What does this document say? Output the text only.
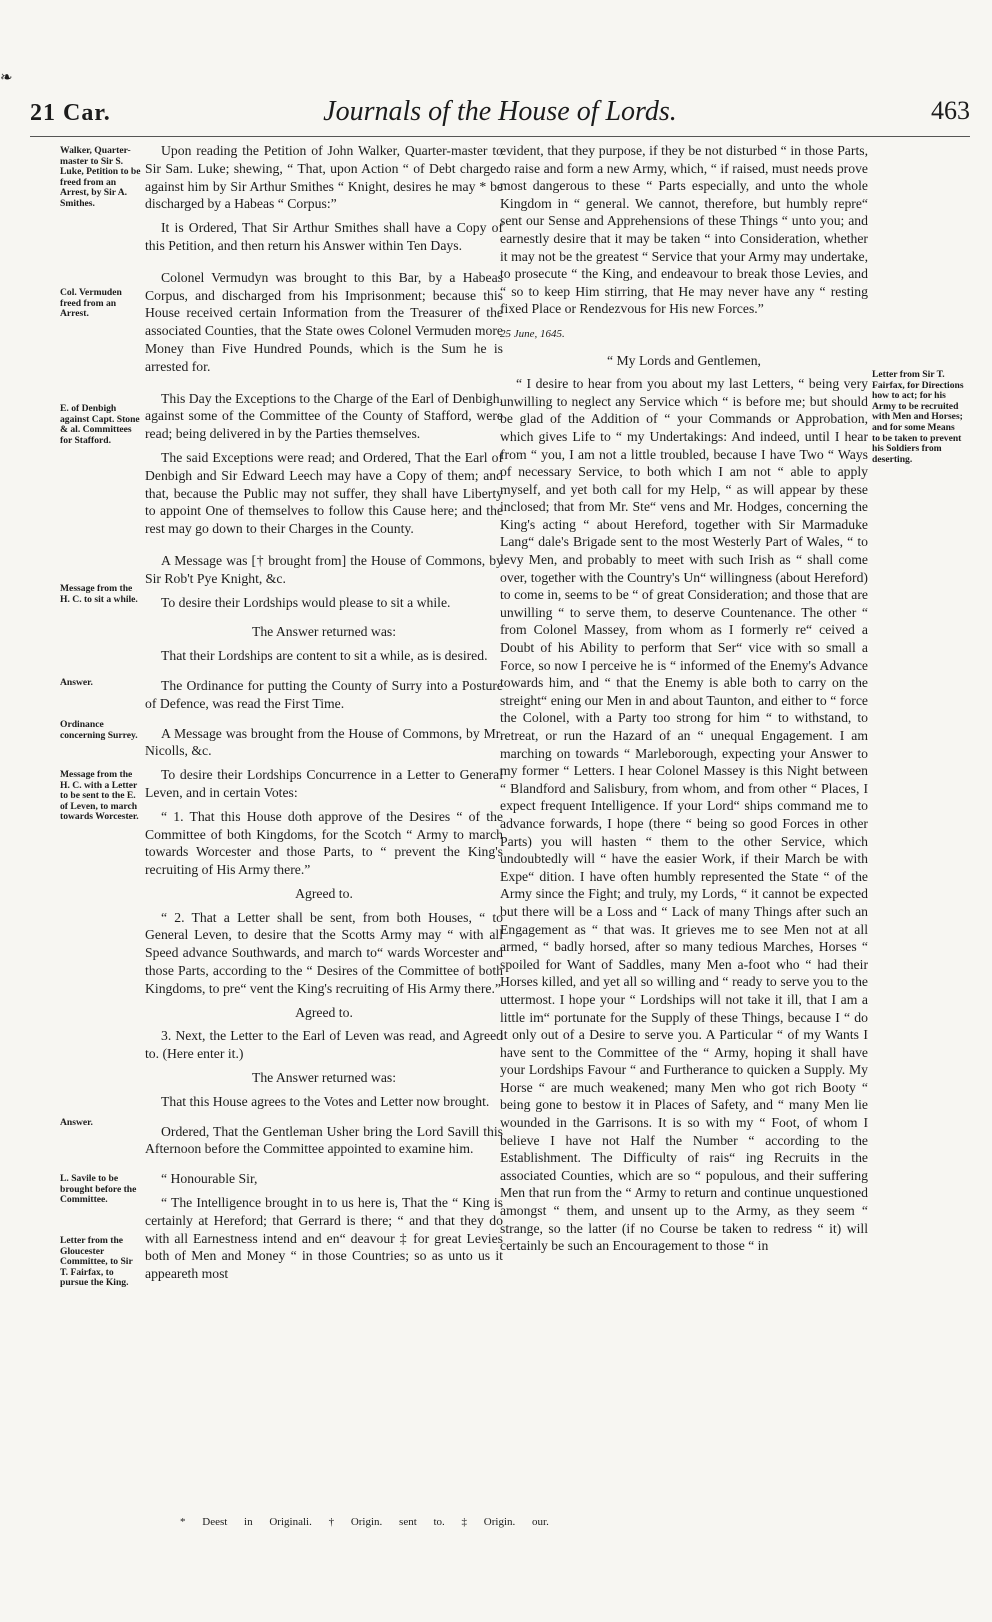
❧
21 Car.	Journals of the House of Lords.	463
Walker, Quarter-master to Sir S. Luke, Petition to be freed from an Arrest, by Sir A. Smithes.
Col. Vermuden freed from an Arrest.
E. of Denbigh against Capt. Stone & al. Committees for Stafford.
Message from the H. C. to sit a while.
Answer.
Ordinance concerning Surrey.
Message from the H. C. with a Letter to be sent to the E. of Leven, to march towards Worcester.
Answer.
L. Savile to be brought before the Committee.
Letter from the Gloucester Committee, to Sir T. Fairfax, to pursue the King.

Upon reading the Petition of John Walker, Quarter-master to Sir Sam. Luke; shewing, “ That, upon Action “ of Debt charged against him by Sir Arthur Smithes “ Knight, desires he may * be discharged by a Habeas “ Corpus:”

It is Ordered, That Sir Arthur Smithes shall have a Copy of this Petition, and then return his Answer within Ten Days.

Colonel Vermudyn was brought to this Bar, by a Habeas Corpus, and discharged from his Imprisonment; because this House received certain Information from the Treasurer of the associated Counties, that the State owes Colonel Vermuden more Money than Five Hundred Pounds, which is the Sum he is arrested for.

This Day the Exceptions to the Charge of the Earl of Denbigh, against some of the Committee of the County of Stafford, were read; being delivered in by the Parties themselves.

The said Exceptions were read; and Ordered, That the Earl of Denbigh and Sir Edward Leech may have a Copy of them; and that, because the Public may not suffer, they shall have Liberty to appoint One of themselves to follow this Cause here; and the rest may go down to their Charges in the County.

A Message was [† brought from] the House of Commons, by Sir Rob't Pye Knight, &c.

To desire their Lordships would please to sit a while.

The Answer returned was:

That their Lordships are content to sit a while, as is desired.

The Ordinance for putting the County of Surry into a Posture of Defence, was read the First Time.

A Message was brought from the House of Commons, by Mr. Nicolls, &c.

To desire their Lordships Concurrence in a Letter to General Leven, and in certain Votes:

“ 1. That this House doth approve of the Desires “ of the Committee of both Kingdoms, for the Scotch “ Army to march towards Worcester and those Parts, to “ prevent the King's recruiting of His Army there.”

Agreed to.

“ 2. That a Letter shall be sent, from both Houses, “ to General Leven, to desire that the Scotts Army may “ with all Speed advance Southwards, and march to“ wards Worcester and those Parts, according to the “ Desires of the Committee of both Kingdoms, to pre“ vent the King's recruiting of His Army there.”

Agreed to.

3. Next, the Letter to the Earl of Leven was read, and Agreed to. (Here enter it.)

The Answer returned was:

That this House agrees to the Votes and Letter now brought.

Ordered, That the Gentleman Usher bring the Lord Savill this Afternoon before the Committee appointed to examine him.

“ Honourable Sir,

“ The Intelligence brought in to us here is, That the “ King is certainly at Hereford; that Gerrard is there; “ and that they do with all Earnestness intend and en“ deavour ‡ for great Levies both of Men and Money “ in those Countries; so as unto us it appeareth most

evident, that they purpose, if they be not disturbed “ in those Parts, to raise and form a new Army, which, “ if raised, must needs prove most dangerous to these “ Parts especially, and unto the whole Kingdom in “ general. We cannot, therefore, but humbly repre“ sent our Sense and Apprehensions of these Things “ unto you; and earnestly desire that it may be taken “ into Consideration, whether it may not be the greatest “ Service that your Army may undertake, to prosecute “ the King, and endeavour to break those Levies, and “ so to keep Him stirring, that He may never have any “ resting fixed Place or Rendezvous for His new Forces.”

25 June, 1645.

“ My Lords and Gentlemen,

“ I desire to hear from you about my last Letters, “ being very unwilling to neglect any Service which “ is before me; but should be glad of the Addition of “ your Commands or Approbation, which gives Life to “ my Undertakings: And indeed, until I hear from “ you, I am not a little troubled, because I have Two “ Ways of necessary Service, to both which I am not “ able to apply myself, and yet both call for my Help, “ as will appear by these inclosed; that from Mr. Ste“ vens and Mr. Hodges, concerning the King's acting “ about Hereford, together with Sir Marmaduke Lang“ dale's Brigade sent to the most Westerly Part of Wales, “ to levy Men, and probably to meet with such Irish as “ shall come over, together with the Country's Un“ willingness (about Hereford) to come in, seems to be “ of great Consideration; and those that are unwilling “ to serve them, to deserve Countenance. The other “ from Colonel Massey, from whom as I formerly re“ ceived a Doubt of his Ability to perform that Ser“ vice with so small a Force, so now I perceive he is “ informed of the Enemy's Advance towards him, and “ that the Enemy is able both to carry on the streight“ ening our Men in and about Taunton, and either to “ force the Colonel, with a Party too strong for him “ to withstand, to retreat, or run the Hazard of an “ unequal Engagement. I am marching on towards “ Marleborough, expecting your Answer to my former “ Letters. I hear Colonel Massey is this Night between “ Blandford and Salisbury, from whom, and from other “ Places, I expect frequent Intelligence. If your Lord“ ships command me to advance forwards, I hope (there “ being so good Forces in other Parts) you will hasten “ them to the other Service, which undoubtedly will “ have the easier Work, if their March be with Expe“ dition. I have often humbly represented the State “ of the Army since the Fight; and truly, my Lords, “ it cannot be expected but there will be a Loss and “ Lack of many Things after such an Engagement as “ that was. It grieves me to see Men not at all armed, “ badly horsed, after so many tedious Marches, Horses “ spoiled for Want of Saddles, many Men a-foot who “ had their Horses killed, and yet all so willing and “ ready to serve you to the uttermost. I hope your “ Lordships will not take it ill, that I am a little im“ portunate for the Supply of these Things, because I “ do it only out of a Desire to serve you. A Particular “ of my Wants I have sent to the Committee of the “ Army, hoping it shall have your Lordships Favour “ and Furtherance to quicken a Supply. My Horse “ are much weakened; many Men who got rich Booty “ being gone to bestow it in Places of Safety, and “ many Men lie wounded in the Garrisons. It is so with my “ Foot, of whom I believe I have not Half the Number “ according to the Establishment. The Difficulty of rais“ ing Recruits in the associated Counties, which are so “ populous, and their suffering Men that run from the “ Army to return and continue unquestioned amongst “ them, and unsent up to the Army, as they seem “ strange, so the latter (if no Course be taken to redress “ it) will certainly be such an Encouragement to those “ in

Letter from Sir T. Fairfax, for Directions how to act; for his Army to be recruited with Men and Horses; and for some Means to be taken to prevent his Soldiers from deserting.
* Deest in Originali. † Origin. sent to. ‡ Origin. our.
